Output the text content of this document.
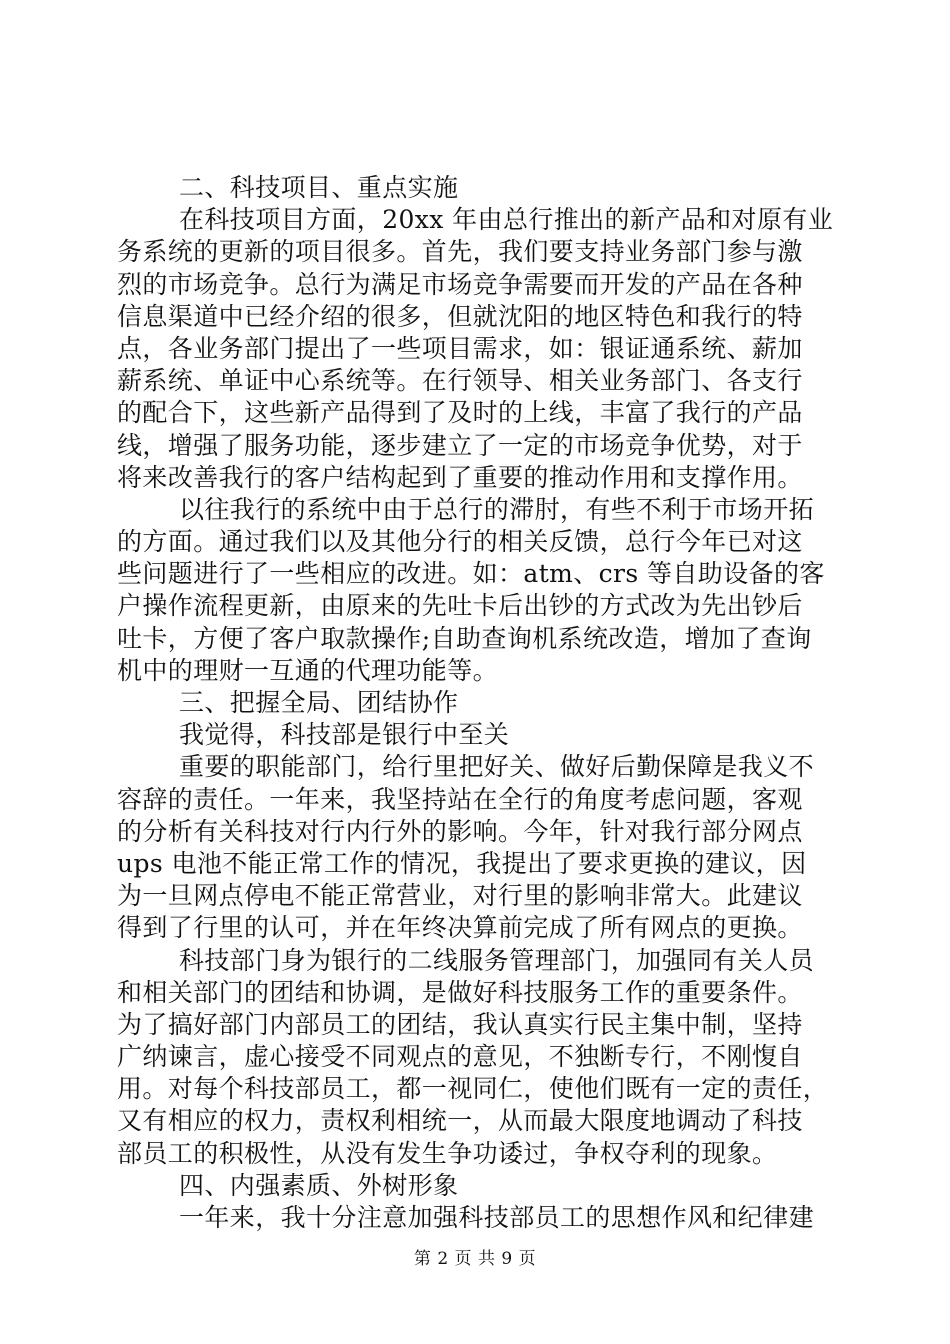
二、科技项目、重点实施
在科技项目方面，20xx 年由总行推出的新产品和对原有业
务系统的更新的项目很多。首先，我们要支持业务部门参与激
烈的市场竞争。总行为满足市场竞争需要而开发的产品在各种
信息渠道中已经介绍的很多，但就沈阳的地区特色和我行的特
点，各业务部门提出了一些项目需求，如：银证通系统、薪加
薪系统、单证中心系统等。在行领导、相关业务部门、各支行
的配合下，这些新产品得到了及时的上线，丰富了我行的产品
线，增强了服务功能，逐步建立了一定的市场竞争优势，对于
将来改善我行的客户结构起到了重要的推动作用和支撑作用。
以往我行的系统中由于总行的滞肘，有些不利于市场开拓
的方面。通过我们以及其他分行的相关反馈，总行今年已对这
些问题进行了一些相应的改进。如：atm、crs 等自助设备的客
户操作流程更新，由原来的先吐卡后出钞的方式改为先出钞后
吐卡，方便了客户取款操作;自助查询机系统改造，增加了查询
机中的理财一互通的代理功能等。
三、把握全局、团结协作
我觉得，科技部是银行中至关
重要的职能部门，给行里把好关、做好后勤保障是我义不
容辞的责任。一年来，我坚持站在全行的角度考虑问题，客观
的分析有关科技对行内行外的影响。今年，针对我行部分网点
ups 电池不能正常工作的情况，我提出了要求更换的建议，因
为一旦网点停电不能正常营业，对行里的影响非常大。此建议
得到了行里的认可，并在年终决算前完成了所有网点的更换。
科技部门身为银行的二线服务管理部门，加强同有关人员
和相关部门的团结和协调，是做好科技服务工作的重要条件。
为了搞好部门内部员工的团结，我认真实行民主集中制，坚持
广纳谏言，虚心接受不同观点的意见，不独断专行，不刚愎自
用。对每个科技部员工，都一视同仁，使他们既有一定的责任，
又有相应的权力，责权利相统一，从而最大限度地调动了科技
部员工的积极性，从没有发生争功诿过，争权夺利的现象。
四、内强素质、外树形象
一年来，我十分注意加强科技部员工的思想作风和纪律建
第 2 页 共 9 页
